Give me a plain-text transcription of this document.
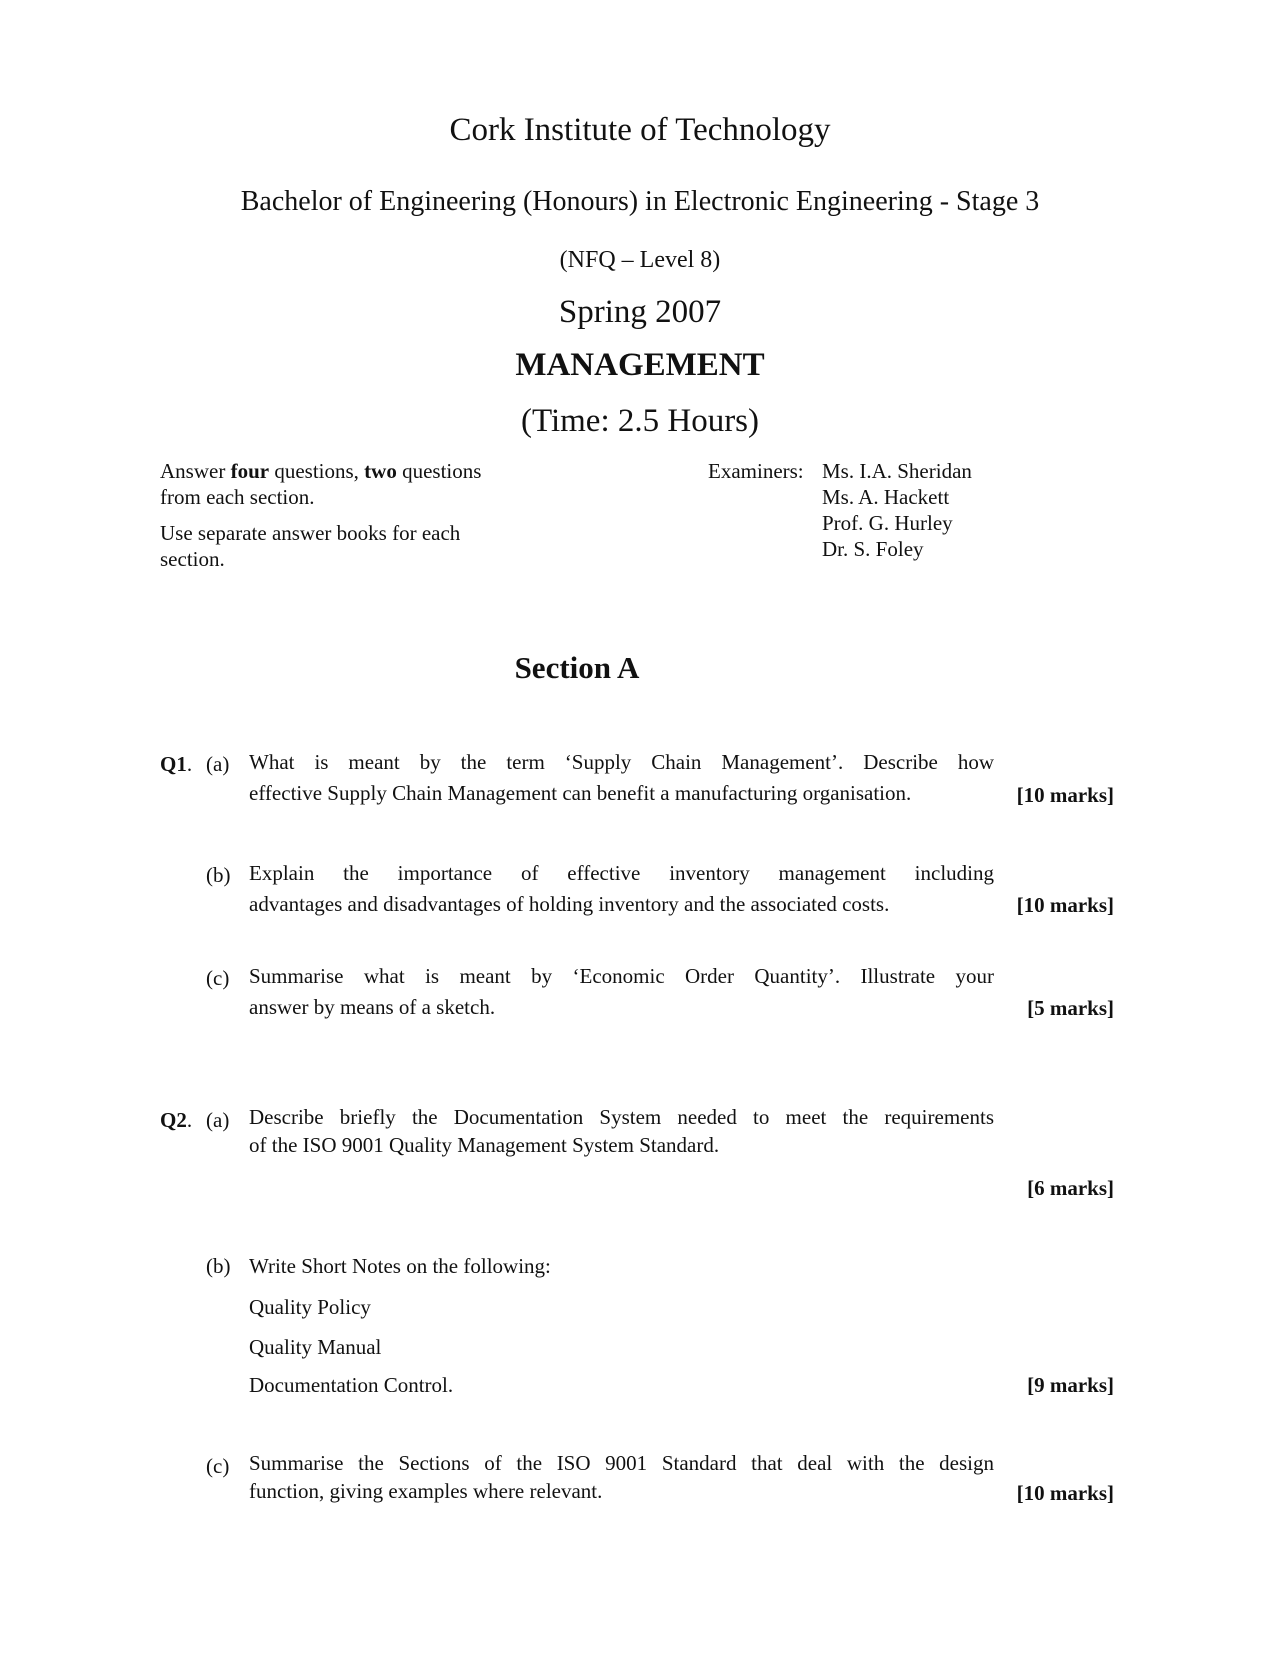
Cork Institute of Technology
Bachelor of Engineering (Honours) in Electronic Engineering - Stage 3
(NFQ – Level 8)
Spring 2007
MANAGEMENT
(Time: 2.5 Hours)
Answer four questions, two questions
from each section.
Use separate answer books for each
section.
Examiners: Ms. I.A. Sheridan
Ms. A. Hackett
Prof. G. Hurley
Dr. S. Foley
Section A
Q1. (a) What is meant by the term ‘Supply Chain Management’. Describe how
effective Supply Chain Management can benefit a manufacturing organisation.	[10 marks]
(b) Explain the importance of effective inventory management including
advantages and disadvantages of holding inventory and the associated costs.	[10 marks]
(c) Summarise what is meant by ‘Economic Order Quantity’. Illustrate your
answer by means of a sketch.	[5 marks]
Q2. (a) Describe briefly the Documentation System needed to meet the requirements
of the ISO 9001 Quality Management System Standard.
[6 marks]
(b) Write Short Notes on the following:
Quality Policy
Quality Manual
Documentation Control.	[9 marks]
(c) Summarise the Sections of the ISO 9001 Standard that deal with the design
function, giving examples where relevant.	[10 marks]
